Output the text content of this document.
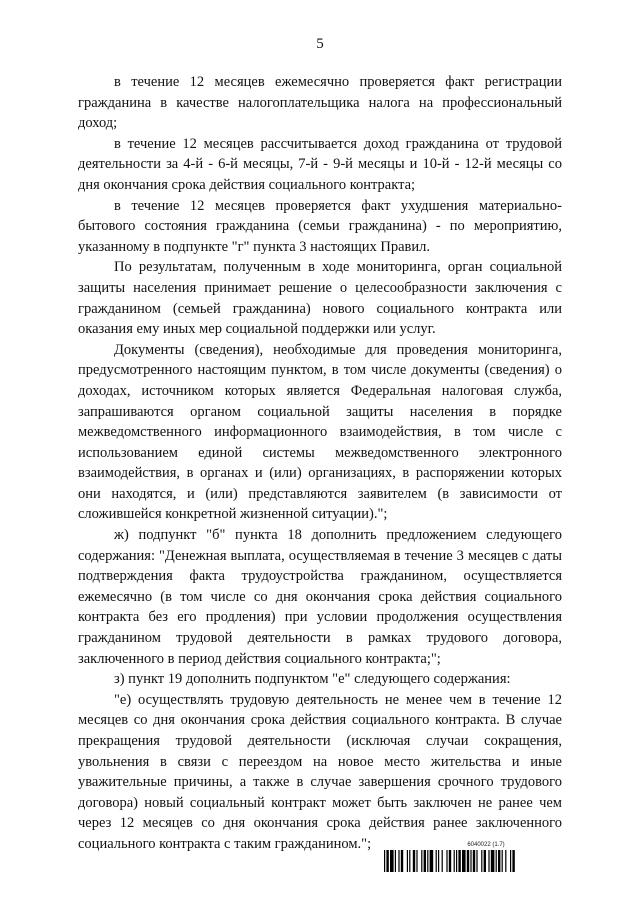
5

в течение 12 месяцев ежемесячно проверяется факт регистрации гражданина в качестве налогоплательщика налога на профессиональный доход;

в течение 12 месяцев рассчитывается доход гражданина от трудовой деятельности за 4-й - 6-й месяцы, 7-й - 9-й месяцы и 10-й - 12-й месяцы со дня окончания срока действия социального контракта;

в течение 12 месяцев проверяется факт ухудшения материально-бытового состояния гражданина (семьи гражданина) - по мероприятию, указанному в подпункте "г" пункта 3 настоящих Правил.

По результатам, полученным в ходе мониторинга, орган социальной защиты населения принимает решение о целесообразности заключения с гражданином (семьей гражданина) нового социального контракта или оказания ему иных мер социальной поддержки или услуг.

Документы (сведения), необходимые для проведения мониторинга, предусмотренного настоящим пунктом, в том числе документы (сведения) о доходах, источником которых является Федеральная налоговая служба, запрашиваются органом социальной защиты населения в порядке межведомственного информационного взаимодействия, в том числе с использованием единой системы межведомственного электронного взаимодействия, в органах и (или) организациях, в распоряжении которых они находятся, и (или) представляются заявителем (в зависимости от сложившейся конкретной жизненной ситуации).";

ж) подпункт "б" пункта 18 дополнить предложением следующего содержания: "Денежная выплата, осуществляемая в течение 3 месяцев с даты подтверждения факта трудоустройства гражданином, осуществляется ежемесячно (в том числе со дня окончания срока действия социального контракта без его продления) при условии продолжения осуществления гражданином трудовой деятельности в рамках трудового договора, заключенного в период действия социального контракта;";

з) пункт 19 дополнить подпунктом "е" следующего содержания:

"е) осуществлять трудовую деятельность не менее чем в течение 12 месяцев со дня окончания срока действия социального контракта. В случае прекращения трудовой деятельности (исключая случаи сокращения, увольнения в связи с переездом на новое место жительства и иные уважительные причины, а также в случае завершения срочного трудового договора) новый социальный контракт может быть заключен не ранее чем через 12 месяцев со дня окончания срока действия ранее заключенного социального контракта с таким гражданином.";	6040022 (1.7)
